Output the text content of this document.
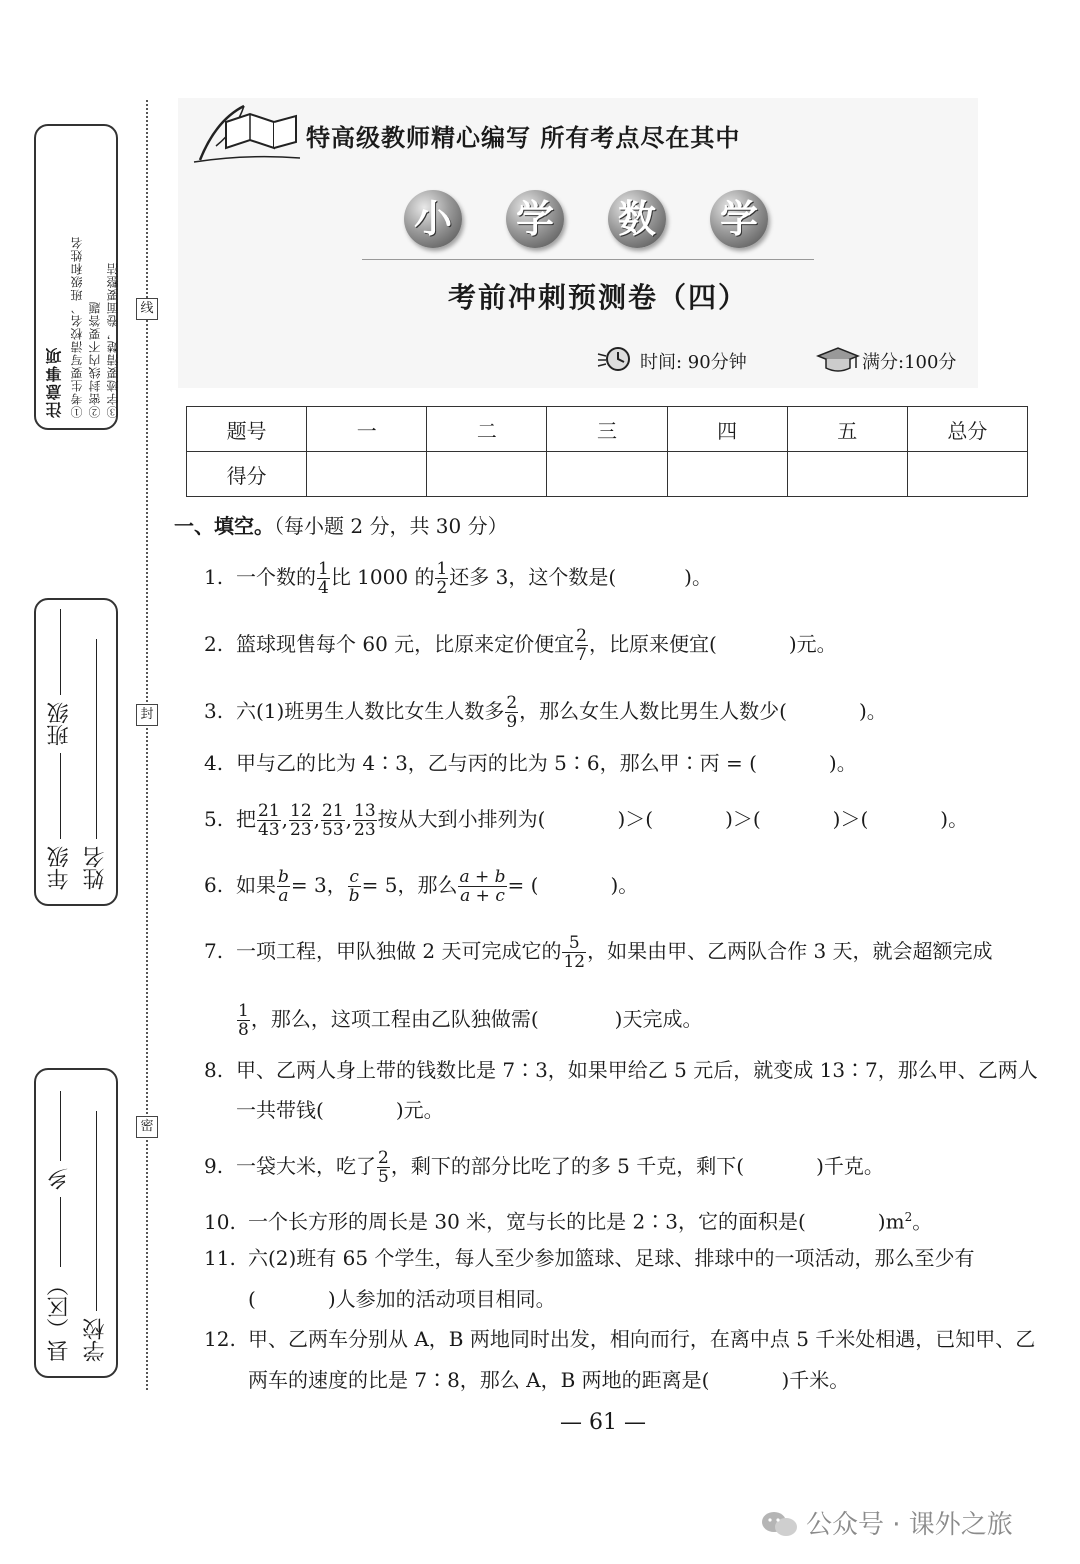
线
封
密
注意事项 ①考生要写清校名、班级和姓名 ②密封线内不要答题 ③字迹要清楚，卷面要整洁
年级  班级
姓名
县（区）  乡
学校
特高级教师精心编写 所有考点尽在其中
小 学 数 学
考前冲刺预测卷（四）
时间: 90分钟	满分:100分
题号	一	二	三	四	五	总分
得分						
一、填空。（每小题 2 分，共 30 分）
1. 一个数的 $\frac{1}{4}$ 比 1000 的 $\frac{1}{2}$ 还多 3，这个数是(	)。
2. 篮球现售每个 60 元，比原来定价便宜 $\frac{2}{7}$ ，比原来便宜(	)元。
3. 六(1)班男生人数比女生人数多 $\frac{2}{9}$ ，那么女生人数比男生人数少(	)。
4. 甲与乙的比为 4∶3，乙与丙的比为 5∶6，那么甲∶丙 = (	)。
5. 把 $\frac{21}{43}$ , $\frac{12}{23}$ , $\frac{21}{53}$ , $\frac{13}{23}$ 按从大到小排列为(	)＞(	)＞(	)＞(	)。
6. 如果 $\frac{b}{a} = 3$， $\frac{c}{b} = 5$，那么 $\frac{a + b}{a + c}$ = (	)。
7. 一项工程，甲队独做 2 天可完成它的 $\frac{5}{12}$ ，如果由甲、乙两队合作 3 天，就会超额完成
$\frac{1}{8}$ ，那么，这项工程由乙队独做需(	)天完成。
8. 甲、乙两人身上带的钱数比是 7∶3，如果甲给乙 5 元后，就变成 13∶7，那么甲、乙两人
一共带钱(	)元。
9. 一袋大米，吃了 $\frac{2}{5}$ ，剩下的部分比吃了的多 5 千克，剩下(	)千克。
10. 一个长方形的周长是 30 米，宽与长的比是 2∶3，它的面积是(	)$m^2$。
11. 六(2)班有 65 个学生，每人至少参加篮球、足球、排球中的一项活动，那么至少有
(	)人参加的活动项目相同。
12. 甲、乙两车分别从 A，B 两地同时出发，相向而行，在离中点 5 千米处相遇，已知甲、乙
两车的速度的比是 7∶8，那么 A，B 两地的距离是(	)千米。
— 61 —
公众号 · 课外之旅
